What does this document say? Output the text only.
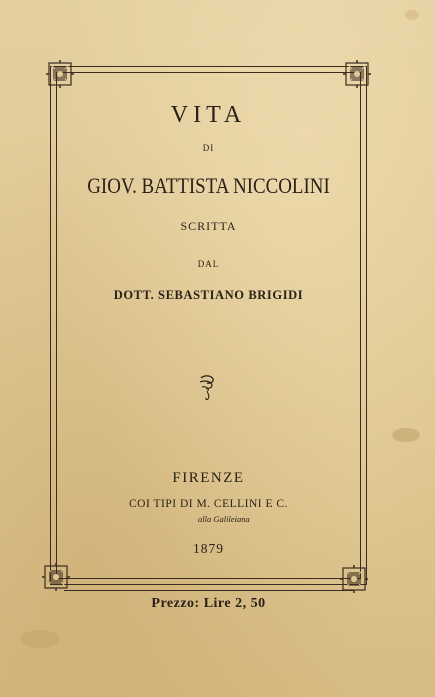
VITA
DI
GIOV. BATTISTA NICCOLINI
SCRITTA
DAL
DOTT. SEBASTIANO BRIGIDI
FIRENZE
COI TIPI DI M. CELLINI E C.
alla Galileiana
1879
Prezzo: Lire 2, 50
